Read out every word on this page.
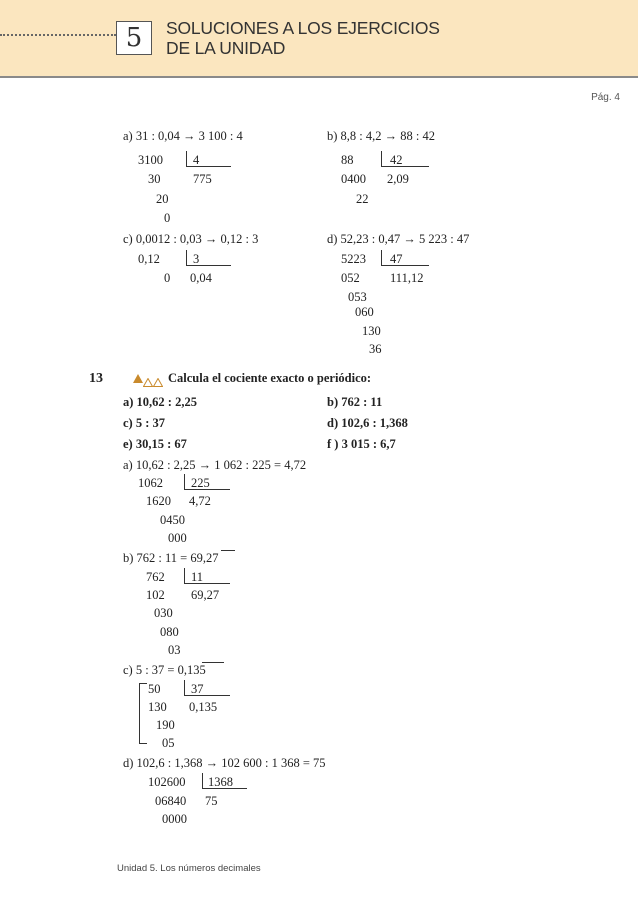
5	SOLUCIONES A LOS EJERCICIOS
DE LA UNIDAD
Pág. 4
a) 31 : 0,04 → 3 100 : 4
3100 4
775
30
20
0
b) 8,8 : 4,2 → 88 : 42
88	42
2,09
0400
22
c) 0,0012 : 0,03 → 0,12 : 3
0,12	3
0,04
0
d) 52,23 : 0,47 → 5 223 : 47
5223 47
111,12
052
053
060
130
36
13	Calcula el cociente exacto o periódico:
a) 10,62 : 2,25	b) 762 : 11
c) 5 : 37	d) 102,6 : 1,368
e) 30,15 : 67	f ) 3 015 : 6,7
a) 10,62 : 2,25 → 1 062 : 225 = 4,72
1062 225
4,72
1620
0450
000
b) 762 : 11 = 69,27
762 11
69,27
102
030
080
03
c) 5 : 37 = 0,135
50 37
0,135
130
190
05
d) 102,6 : 1,368 → 102 600 : 1 368 = 75
102600 1368
75
06840
0000
Unidad 5. Los números decimales
